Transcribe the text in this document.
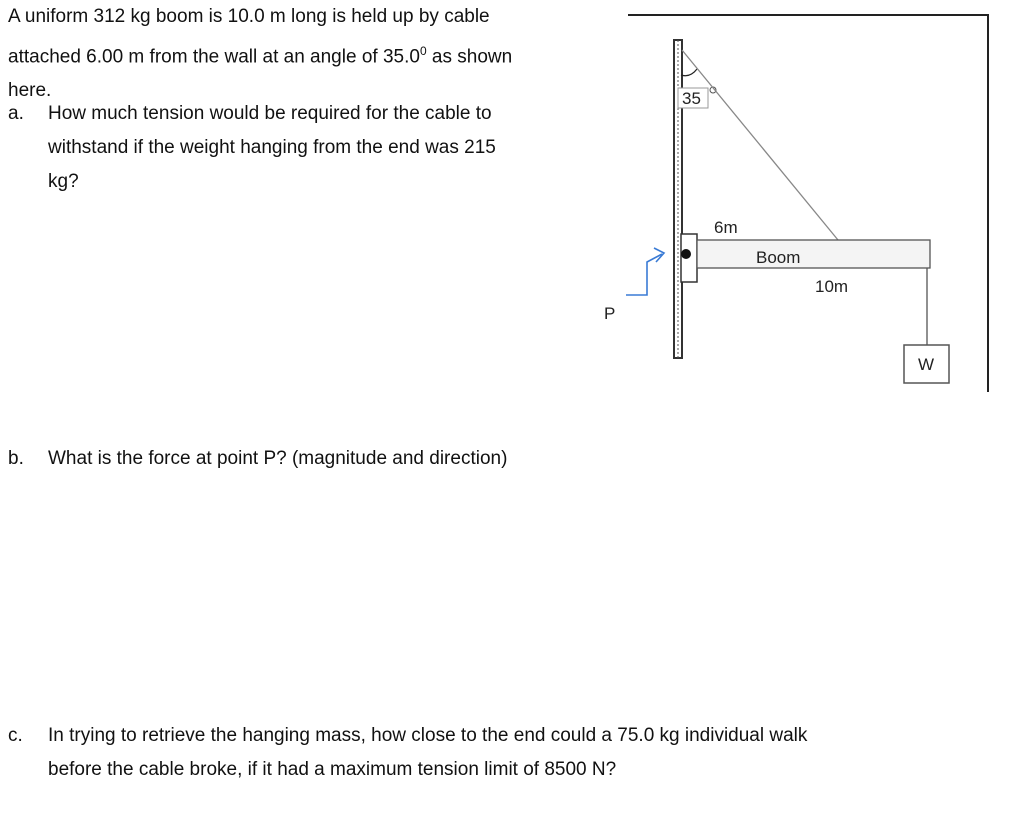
A uniform 312 kg boom is 10.0 m long is held up by cable
attached 6.00 m from the wall at an angle of 35.0$^0$ as shown
here.
a. How much tension would be required for the cable to
withstand if the weight hanging from the end was 215
kg?
b. What is the force at point P? (magnitude and direction)
c. In trying to retrieve the hanging mass, how close to the end could a 75.0 kg individual walk
before the cable broke, if it had a maximum tension limit of 8500 N?
35
6m
Boom
10m
W
P
